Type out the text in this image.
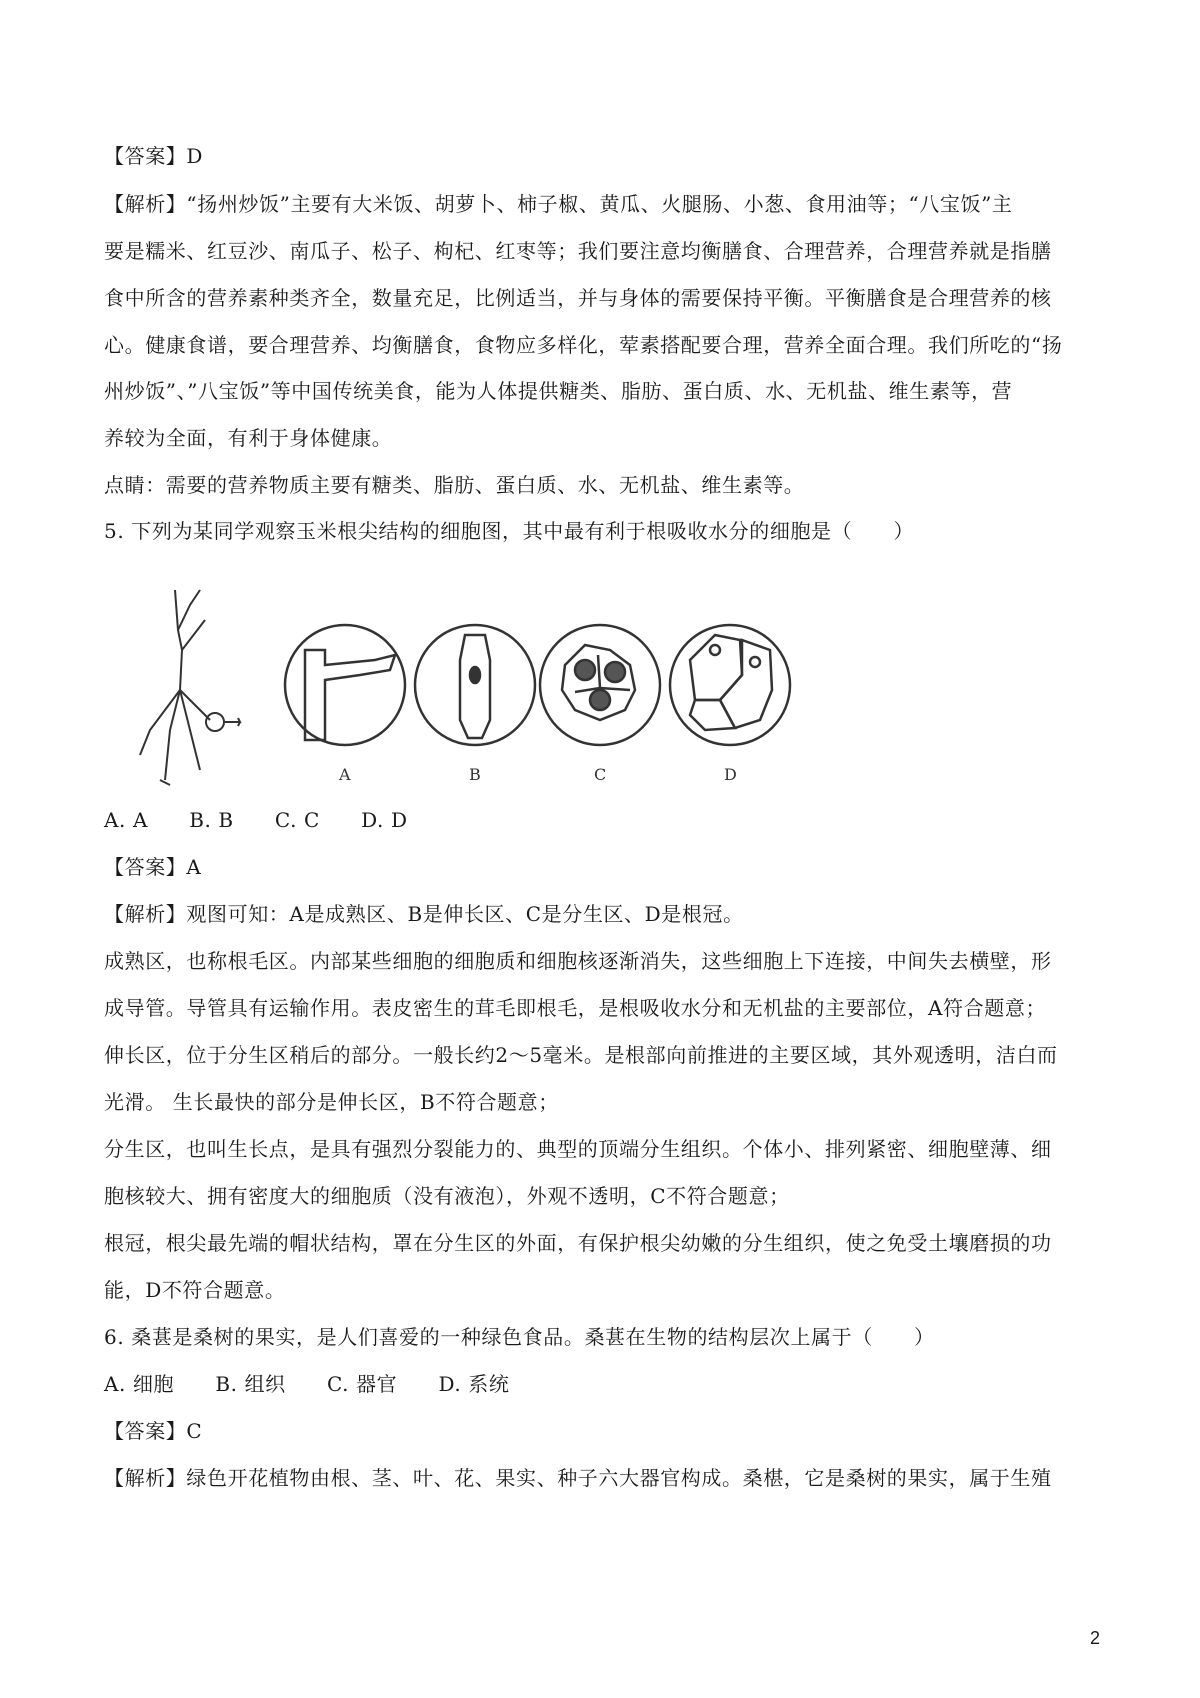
【答案】D
【解析】“扬州炒饭”主要有大米饭、胡萝卜、柿子椒、黄瓜、火腿肠、小葱、食用油等；“八宝饭”主
要是糯米、红豆沙、南瓜子、松子、枸杞、红枣等；我们要注意均衡膳食、合理营养，合理营养就是指膳
食中所含的营养素种类齐全，数量充足，比例适当，并与身体的需要保持平衡。平衡膳食是合理营养的核
心。健康食谱，要合理营养、均衡膳食，食物应多样化，荤素搭配要合理，营养全面合理。我们所吃的“扬
州炒饭”、”八宝饭”等中国传统美食，能为人体提供糖类、脂肪、蛋白质、水、无机盐、维生素等，营
养较为全面，有利于身体健康。
点睛：需要的营养物质主要有糖类、脂肪、蛋白质、水、无机盐、维生素等。
5. 下列为某同学观察玉米根尖结构的细胞图，其中最有利于根吸收水分的细胞是（　　）
A	B	C	D
A. A　　B. B　　C. C　　D. D
【答案】A
【解析】观图可知：A是成熟区、B是伸长区、C是分生区、D是根冠。
成熟区，也称根毛区。内部某些细胞的细胞质和细胞核逐渐消失，这些细胞上下连接，中间失去横壁，形
成导管。导管具有运输作用。表皮密生的茸毛即根毛，是根吸收水分和无机盐的主要部位，A符合题意；
伸长区，位于分生区稍后的部分。一般长约2～5毫米。是根部向前推进的主要区域，其外观透明，洁白而
光滑。 生长最快的部分是伸长区，B不符合题意；
分生区，也叫生长点，是具有强烈分裂能力的、典型的顶端分生组织。个体小、排列紧密、细胞壁薄、细
胞核较大、拥有密度大的细胞质（没有液泡），外观不透明，C不符合题意；
根冠，根尖最先端的帽状结构，罩在分生区的外面，有保护根尖幼嫩的分生组织，使之免受土壤磨损的功
能，D不符合题意。
6. 桑葚是桑树的果实，是人们喜爱的一种绿色食品。桑葚在生物的结构层次上属于（　　）
A. 细胞　　B. 组织　　C. 器官　　D. 系统
【答案】C
【解析】绿色开花植物由根、茎、叶、花、果实、种子六大器官构成。桑椹，它是桑树的果实，属于生殖
2
